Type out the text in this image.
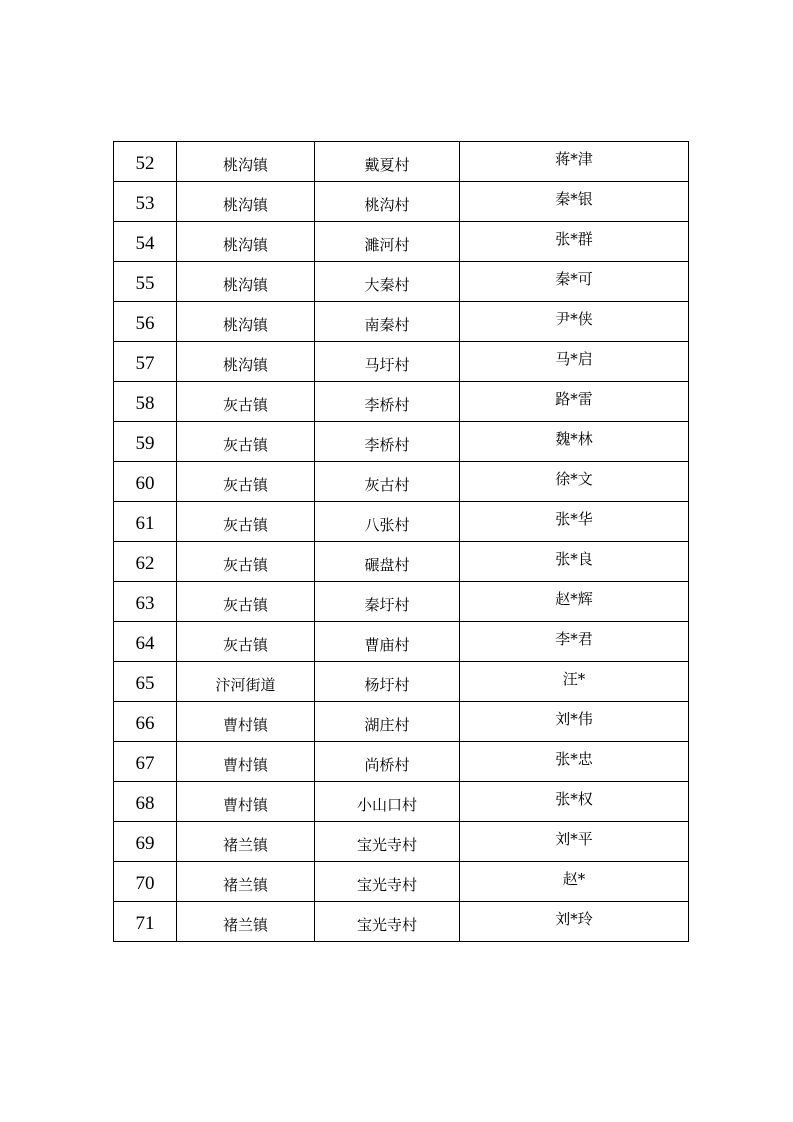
52	桃沟镇	戴夏村	蒋*津
53	桃沟镇	桃沟村	秦*银
54	桃沟镇	濉河村	张*群
55	桃沟镇	大秦村	秦*可
56	桃沟镇	南秦村	尹*侠
57	桃沟镇	马圩村	马*启
58	灰古镇	李桥村	路*雷
59	灰古镇	李桥村	魏*林
60	灰古镇	灰古村	徐*文
61	灰古镇	八张村	张*华
62	灰古镇	碾盘村	张*良
63	灰古镇	秦圩村	赵*辉
64	灰古镇	曹庙村	李*君
65	汴河街道	杨圩村	汪*
66	曹村镇	湖庄村	刘*伟
67	曹村镇	尚桥村	张*忠
68	曹村镇	小山口村	张*权
69	褚兰镇	宝光寺村	刘*平
70	褚兰镇	宝光寺村	赵*
71	褚兰镇	宝光寺村	刘*玲
